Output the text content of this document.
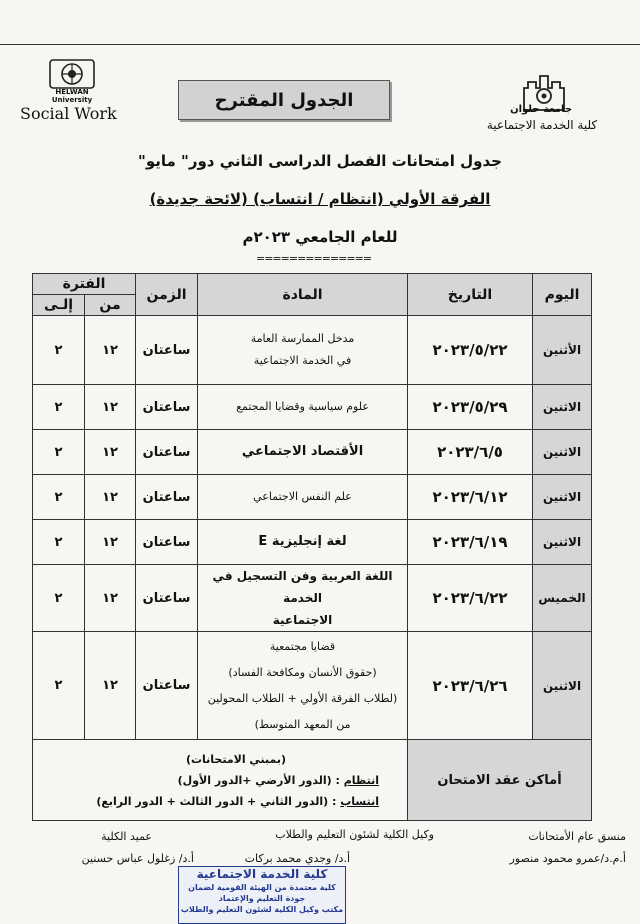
جامعة حلوان
كلية الخدمة الاجتماعية
HELWAN University
Social Work
الجدول المقترح
جدول امتحانات الفصل الدراسى الثاني دور" مايو"
الفرقة الأولي (انتظام / انتساب) (لائحة جديدة)
للعام الجامعي ٢٠٢٣م
==============
اليوم	التاريخ	المادة	الزمن	الفترة	
				من	إلـى
الأثنين	٢٠٢٣/٥/٢٢	مدخل الممارسة العامة
في الخدمة الاجتماعية	ساعتان	١٢	٢
الاثنين	٢٠٢٣/٥/٢٩	علوم سياسية وقضايا المجتمع	ساعتان	١٢	٢
الاثنين	٢٠٢٣/٦/٥	الأقتصاد الاجتماعي	ساعتان	١٢	٢
الاثنين	٢٠٢٣/٦/١٢	علم النفس الاجتماعي	ساعتان	١٢	٢
الاثنين	٢٠٢٣/٦/١٩	لغة إنجليزية E	ساعتان	١٢	٢
الخميس	٢٠٢٣/٦/٢٢	اللغة العربية وفن التسجيل في الخدمة
الاجتماعية	ساعتان	١٢	٢
الاثنين	٢٠٢٣/٦/٢٦	قضايا مجتمعية
(حقوق الأنسان ومكافحة الفساد)
(لطلاب الفرقة الأولي + الطلاب المحولين
من المعهد المتوسط)	ساعتان	١٢	٢
أماكن عقد الامتحان		(بمبني الامتحانات)
انتظام : (الدور الأرضي +الدور الأول)
انتساب : (الدور الثاني + الدور الثالث + الدور الرابع)			
منسق عام الأمتحانات
أ.م.د/عمرو محمود منصور
وكيل الكلية لشئون التعليم والطلاب
أ.د/ وجدي محمد بركات
عميد الكلية
أ.د/ زغلول عباس حسنين
كلية الخدمة الاجتماعية
كلية معتمدة من الهيئة القومية لضمان جودة التعليم والإعتماد
مكتب وكيل الكلية لشئون التعليم والطلاب
